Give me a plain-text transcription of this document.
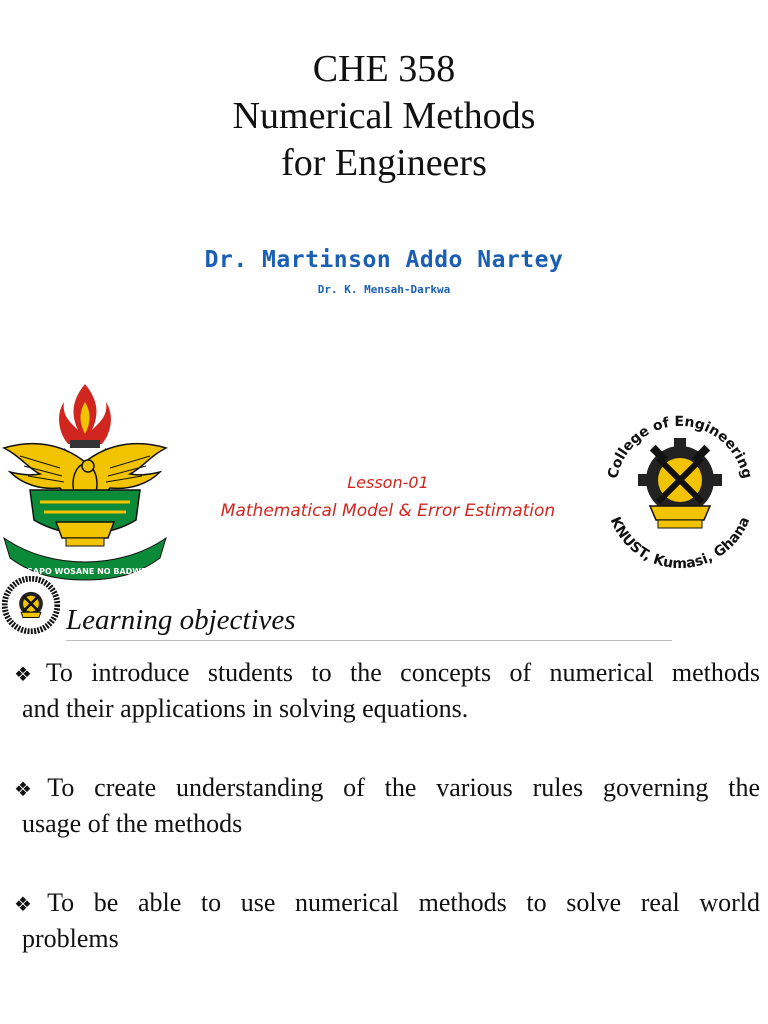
CHE 358
Numerical Methods
for Engineers
Dr. Martinson Addo Nartey
Dr. K. Mensah-Darkwa
NYANSAPO WOSANE NO BADWENMA
Lesson-01
Mathematical Model & Error Estimation
College of Engineering
KNUST, Kumasi, Ghana
Learning objectives
❖To introduce students to the concepts of numerical methods
and their applications in solving equations.
❖To create understanding of the various rules governing the
usage of the methods
❖To be able to use numerical methods to solve real world
problems
